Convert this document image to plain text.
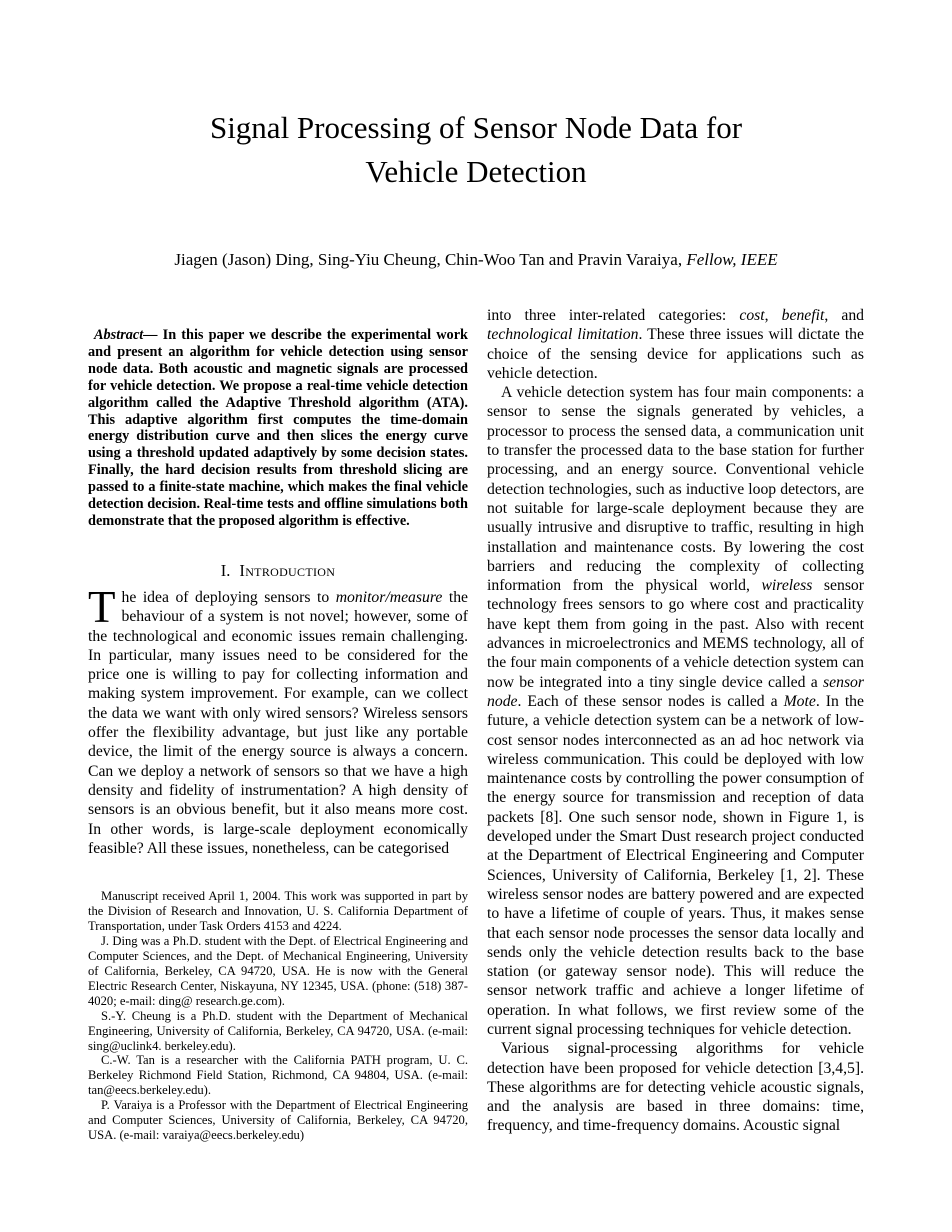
Signal Processing of Sensor Node Data for
Vehicle Detection
Jiagen (Jason) Ding, Sing-Yiu Cheung, Chin-Woo Tan and Pravin Varaiya, Fellow, IEEE
Abstract— In this paper we describe the experimental work and present an algorithm for vehicle detection using sensor node data. Both acoustic and magnetic signals are processed for vehicle detection. We propose a real-time vehicle detection algorithm called the Adaptive Threshold algorithm (ATA). This adaptive algorithm first computes the time-domain energy distribution curve and then slices the energy curve using a threshold updated adaptively by some decision states. Finally, the hard decision results from threshold slicing are passed to a finite-state machine, which makes the final vehicle detection decision. Real-time tests and offline simulations both demonstrate that the proposed algorithm is effective.
I. Introduction
The idea of deploying sensors to monitor/measure the behaviour of a system is not novel; however, some of the technological and economic issues remain challenging. In particular, many issues need to be considered for the price one is willing to pay for collecting information and making system improvement. For example, can we collect the data we want with only wired sensors? Wireless sensors offer the flexibility advantage, but just like any portable device, the limit of the energy source is always a concern. Can we deploy a network of sensors so that we have a high density and fidelity of instrumentation? A high density of sensors is an obvious benefit, but it also means more cost. In other words, is large-scale deployment economically feasible? All these issues, nonetheless, can be categorised

Manuscript received April 1, 2004. This work was supported in part by the Division of Research and Innovation, U. S. California Department of Transportation, under Task Orders 4153 and 4224.

J. Ding was a Ph.D. student with the Dept. of Electrical Engineering and Computer Sciences, and the Dept. of Mechanical Engineering, University of California, Berkeley, CA 94720, USA. He is now with the General Electric Research Center, Niskayuna, NY 12345, USA. (phone: (518) 387-4020; e-mail: ding@ research.ge.com).

S.-Y. Cheung is a Ph.D. student with the Department of Mechanical Engineering, University of California, Berkeley, CA 94720, USA. (e-mail: sing@uclink4. berkeley.edu).

C.-W. Tan is a researcher with the California PATH program, U. C. Berkeley Richmond Field Station, Richmond, CA 94804, USA. (e-mail: tan@eecs.berkeley.edu).

P. Varaiya is a Professor with the Department of Electrical Engineering and Computer Sciences, University of California, Berkeley, CA 94720, USA. (e-mail: varaiya@eecs.berkeley.edu)

into three inter-related categories: cost, benefit, and technological limitation. These three issues will dictate the choice of the sensing device for applications such as vehicle detection.

A vehicle detection system has four main components: a sensor to sense the signals generated by vehicles, a processor to process the sensed data, a communication unit to transfer the processed data to the base station for further processing, and an energy source. Conventional vehicle detection technologies, such as inductive loop detectors, are not suitable for large-scale deployment because they are usually intrusive and disruptive to traffic, resulting in high installation and maintenance costs. By lowering the cost barriers and reducing the complexity of collecting information from the physical world, wireless sensor technology frees sensors to go where cost and practicality have kept them from going in the past. Also with recent advances in microelectronics and MEMS technology, all of the four main components of a vehicle detection system can now be integrated into a tiny single device called a sensor node. Each of these sensor nodes is called a Mote. In the future, a vehicle detection system can be a network of low-cost sensor nodes interconnected as an ad hoc network via wireless communication. This could be deployed with low maintenance costs by controlling the power consumption of the energy source for transmission and reception of data packets [8]. One such sensor node, shown in Figure 1, is developed under the Smart Dust research project conducted at the Department of Electrical Engineering and Computer Sciences, University of California, Berkeley [1, 2]. These wireless sensor nodes are battery powered and are expected to have a lifetime of couple of years. Thus, it makes sense that each sensor node processes the sensor data locally and sends only the vehicle detection results back to the base station (or gateway sensor node). This will reduce the sensor network traffic and achieve a longer lifetime of operation. In what follows, we first review some of the current signal processing techniques for vehicle detection.

Various signal-processing algorithms for vehicle detection have been proposed for vehicle detection [3,4,5]. These algorithms are for detecting vehicle acoustic signals, and the analysis are based in three domains: time, frequency, and time-frequency domains. Acoustic signal
